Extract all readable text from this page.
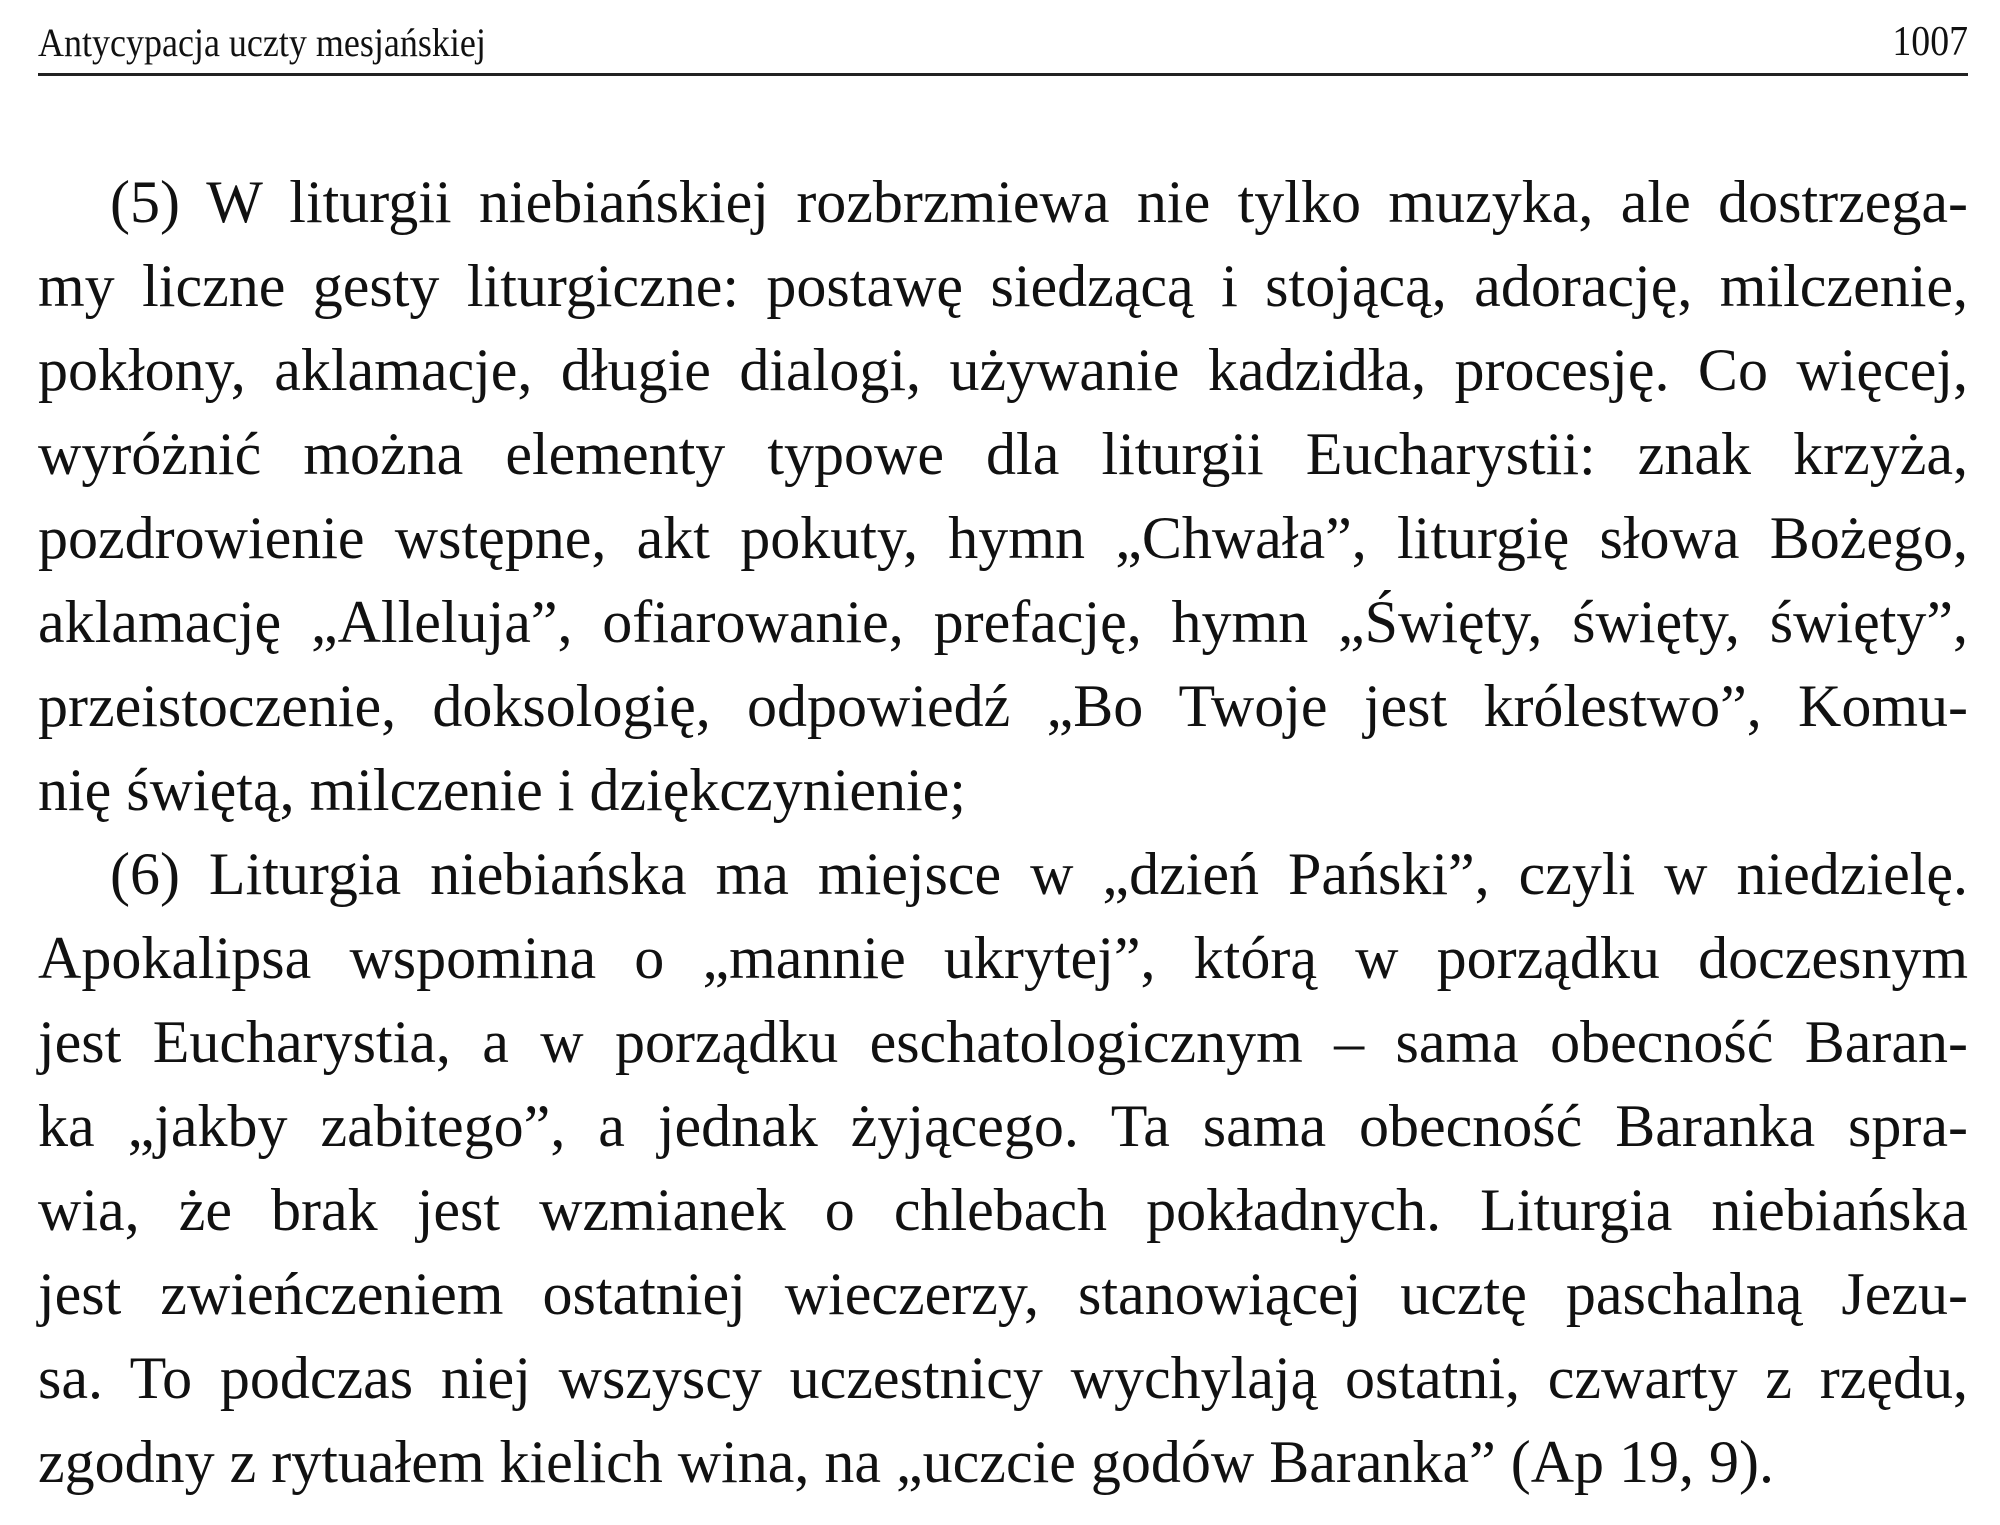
Antycypacja uczty mesjańskiej	1007
(5) W liturgii niebiańskiej rozbrzmiewa nie tylko muzyka, ale dostrzega-
my liczne gesty liturgiczne: postawę siedzącą i stojącą, adorację, milczenie,
pokłony, aklamacje, długie dialogi, używanie kadzidła, procesję. Co więcej,
wyróżnić można elementy typowe dla liturgii Eucharystii: znak krzyża,
pozdrowienie wstępne, akt pokuty, hymn „Chwała”, liturgię słowa Bożego,
aklamację „Alleluja”, ofiarowanie, prefację, hymn „Święty, święty, święty”,
przeistoczenie, doksologię, odpowiedź „Bo Twoje jest królestwo”, Komu-
nię świętą, milczenie i dziękczynienie;
(6) Liturgia niebiańska ma miejsce w „dzień Pański”, czyli w niedzielę.
Apokalipsa wspomina o „mannie ukrytej”, którą w porządku doczesnym
jest Eucharystia, a w porządku eschatologicznym – sama obecność Baran-
ka „jakby zabitego”, a jednak żyjącego. Ta sama obecność Baranka spra-
wia, że brak jest wzmianek o chlebach pokładnych. Liturgia niebiańska
jest zwieńczeniem ostatniej wieczerzy, stanowiącej ucztę paschalną Jezu-
sa. To podczas niej wszyscy uczestnicy wychylają ostatni, czwarty z rzędu,
zgodny z rytuałem kielich wina, na „uczcie godów Baranka” (Ap 19, 9).
